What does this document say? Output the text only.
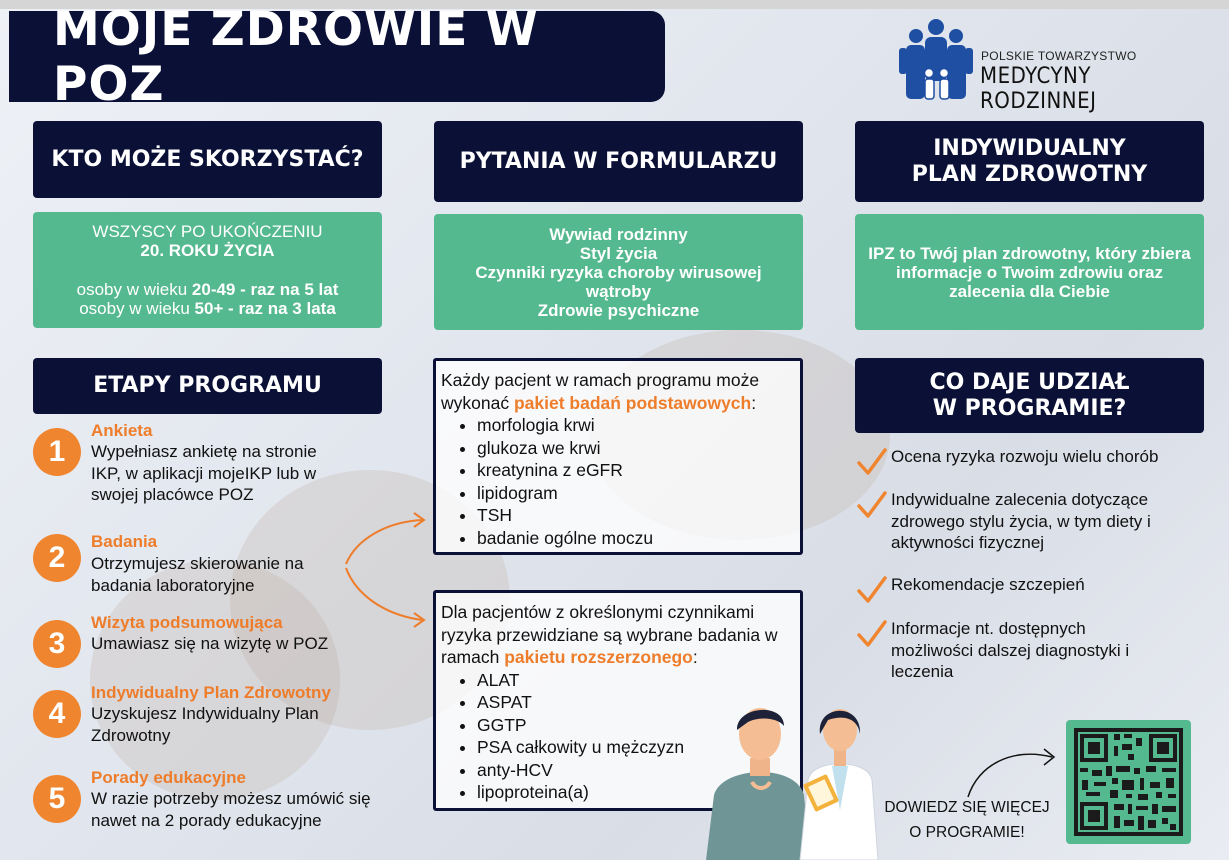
MOJE ZDROWIE W POZ
POLSKIE TOWARZYSTWO
MEDYCYNY RODZINNEJ
KTO MOŻE SKORZYSTAĆ?
WSZYSCY PO UKOŃCZENIU
20. ROKU ŻYCIA
osoby w wieku 20-49 - raz na 5 lat
osoby w wieku 50+ - raz na 3 lata
ETAPY PROGRAMU
1
Ankieta
Wypełniasz ankietę na stronie IKP, w aplikacji mojeIKP lub w swojej placówce POZ
2	Badania
Otrzymujesz skierowanie na badania laboratoryjne
3
Wizyta podsumowująca
Umawiasz się na wizytę w POZ
4
Indywidualny Plan Zdrowotny
Uzyskujesz Indywidualny Plan Zdrowotny
5
Porady edukacyjne
W razie potrzeby możesz umówić się nawet na 2 porady edukacyjne
PYTANIA W FORMULARZU
Wywiad rodzinny
Styl życia
Czynniki ryzyka choroby wirusowej wątroby
Zdrowie psychiczne
Każdy pacjent w ramach programu może wykonać pakiet badań podstawowych:
• morfologia krwi
• glukoza we krwi
• kreatynina z eGFR
• lipidogram
• TSH
• badanie ogólne moczu
Dla pacjentów z określonymi czynnikami ryzyka przewidziane są wybrane badania w ramach pakietu rozszerzonego:
• ALAT
• ASPAT
• GGTP
• PSA całkowity u mężczyzn
• anty-HCV
• lipoproteina(a)
INDYWIDUALNY
PLAN ZDROWOTNY
IPZ to Twój plan zdrowotny, który zbiera informacje o Twoim zdrowiu oraz zalecenia dla Ciebie
CO DAJE UDZIAŁ
W PROGRAMIE?
Ocena ryzyka rozwoju wielu chorób
Indywidualne zalecenia dotyczące zdrowego stylu życia, w tym diety i aktywności fizycznej
Rekomendacje szczepień
Informacje nt. dostępnych możliwości dalszej diagnostyki i leczenia
DOWIEDZ SIĘ WIĘCEJ
O PROGRAMIE!
